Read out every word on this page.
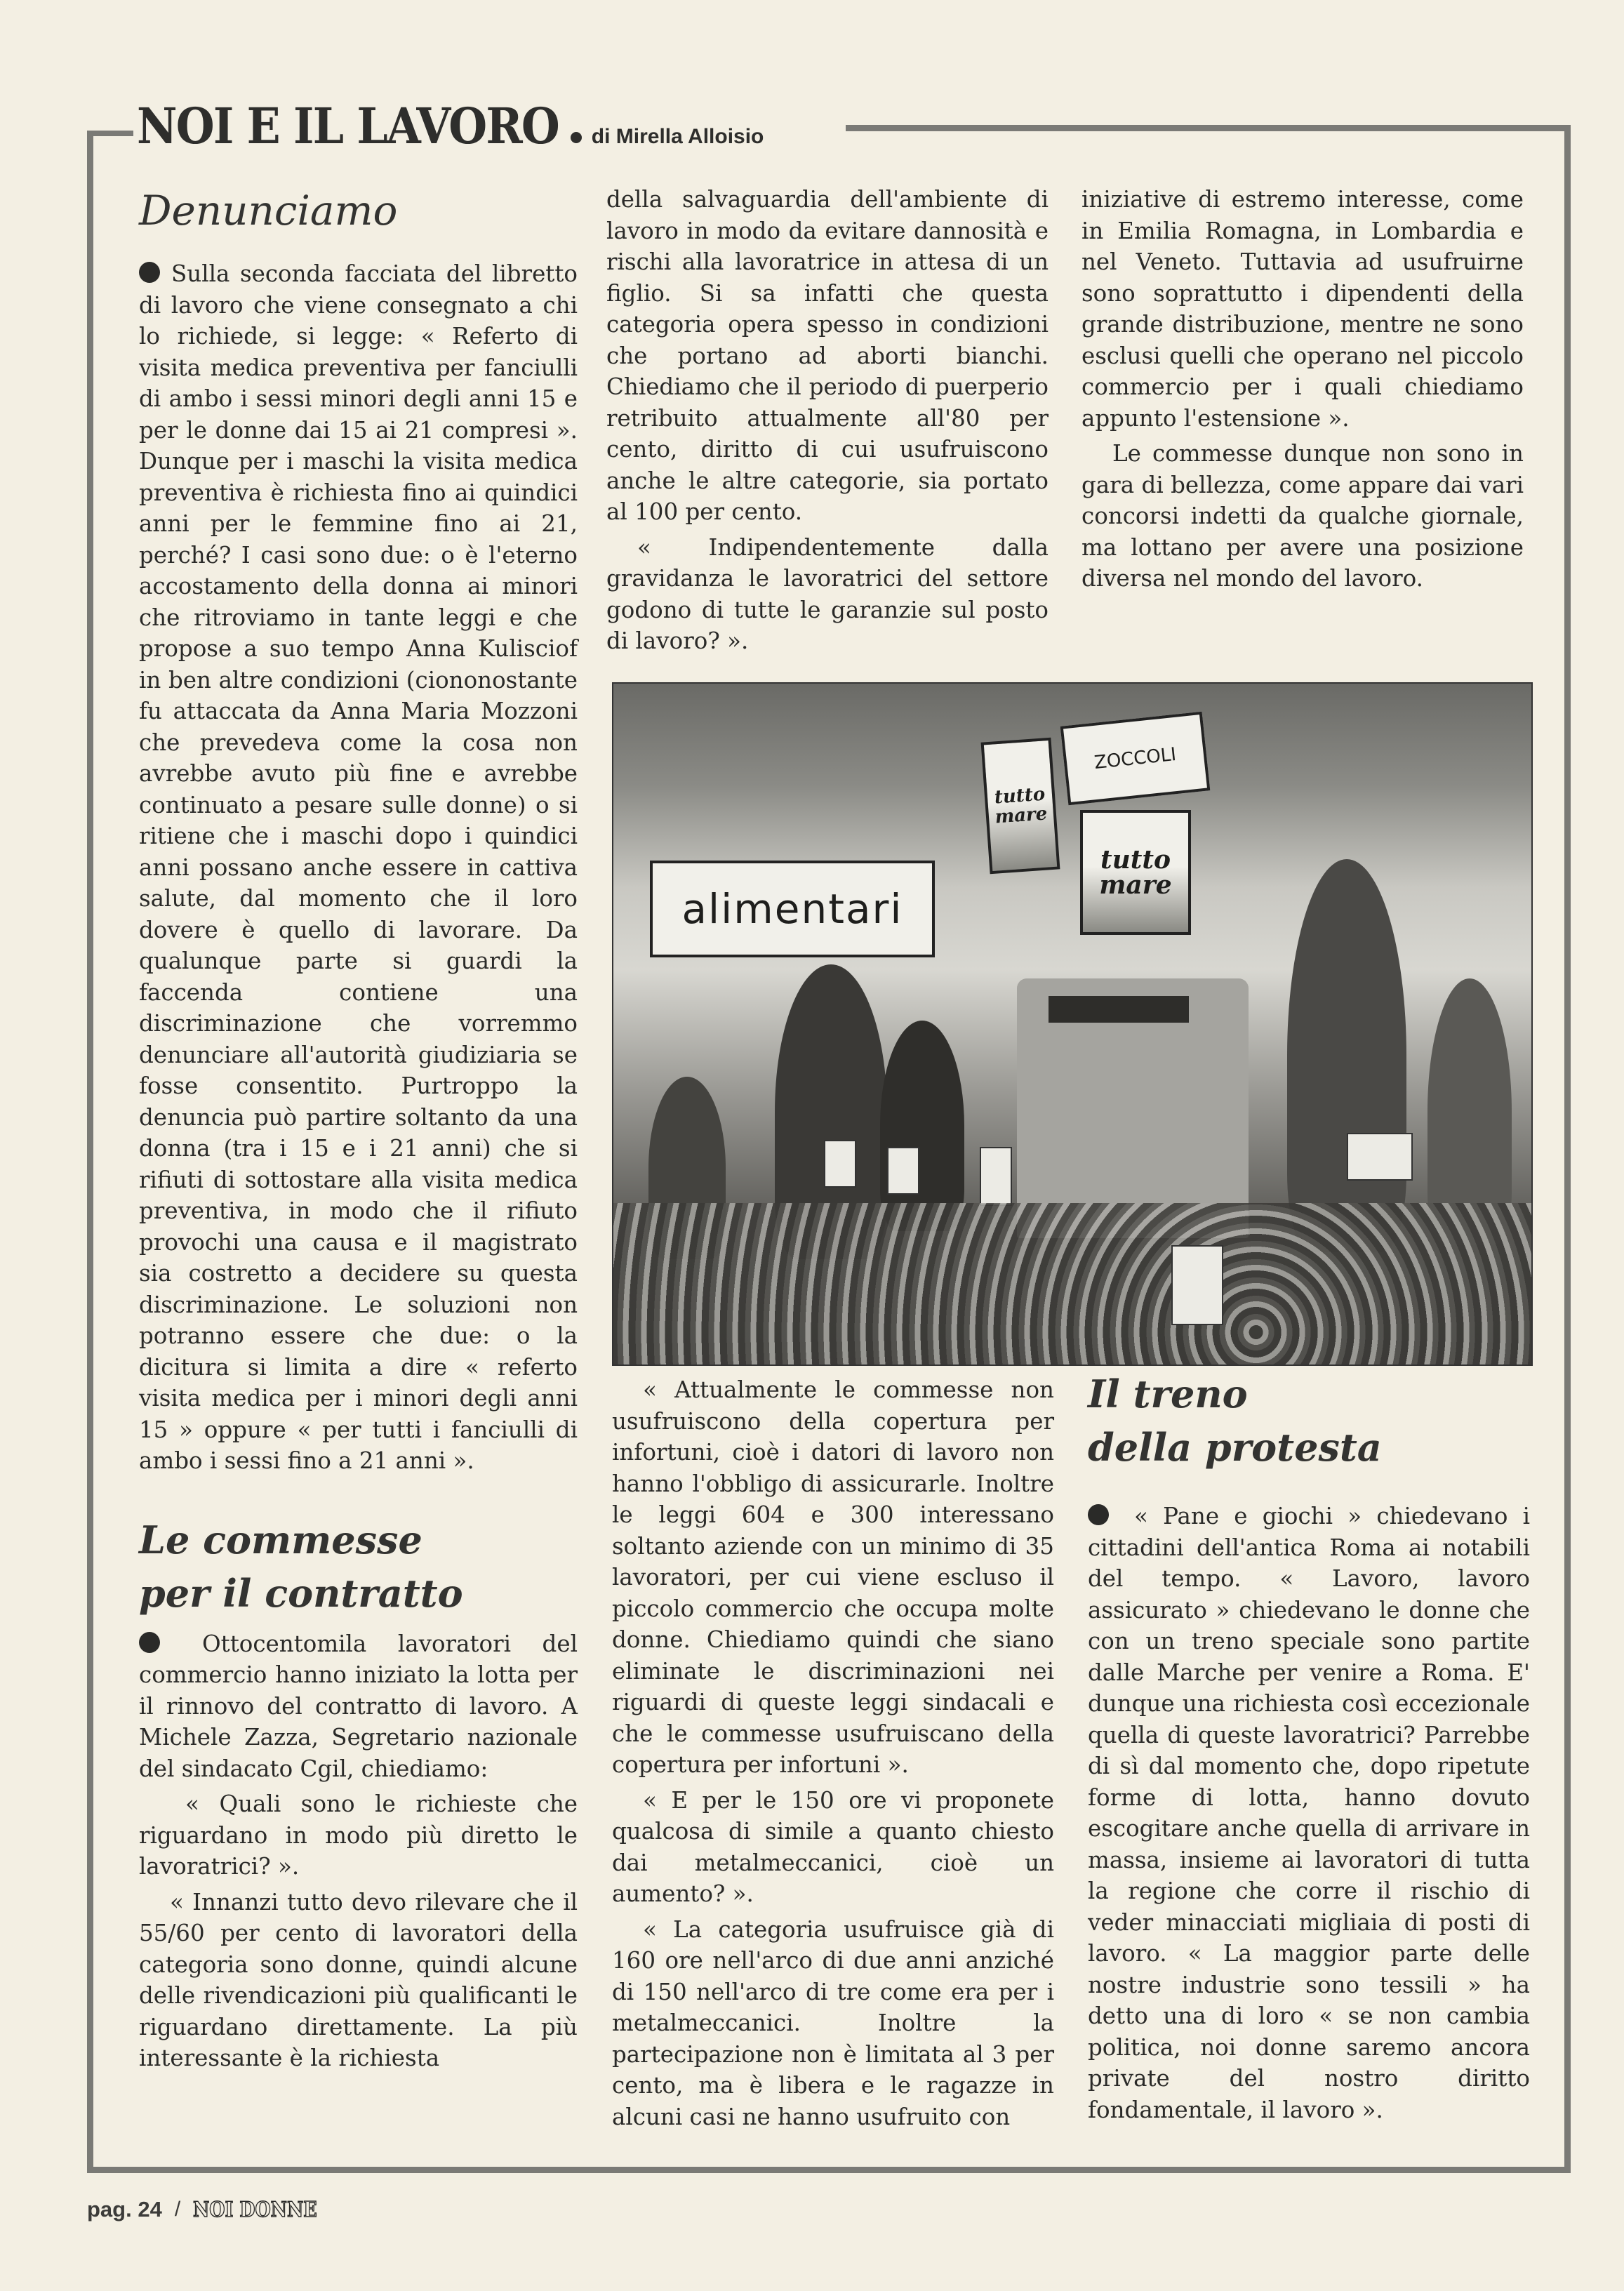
NOI E IL LAVORO di Mirella Alloisio
Denunciamo

Sulla seconda facciata del libretto di lavoro che viene consegnato a chi lo richiede, si legge: « Referto di visita medica preventiva per fanciulli di ambo i sessi minori degli anni 15 e per le donne dai 15 ai 21 compresi ». Dunque per i maschi la visita medica preventiva è richiesta fino ai quindici anni per le femmine fino ai 21, perché? I casi sono due: o è l'eterno accostamento della donna ai minori che ritroviamo in tante leggi e che propose a suo tempo Anna Kulisciof in ben altre condizioni (ciononostante fu attaccata da Anna Maria Mozzoni che prevedeva come la cosa non avrebbe avuto più fine e avrebbe continuato a pesare sulle donne) o si ritiene che i maschi dopo i quindici anni possano anche essere in cattiva salute, dal momento che il loro dovere è quello di lavorare. Da qualunque parte si guardi la faccenda contiene una discriminazione che vorremmo denunciare all'autorità giudiziaria se fosse consentito. Purtroppo la denuncia può partire soltanto da una donna (tra i 15 e i 21 anni) che si rifiuti di sottostare alla visita medica preventiva, in modo che il rifiuto provochi una causa e il magistrato sia costretto a decidere su questa discriminazione. Le soluzioni non potranno essere che due: o la dicitura si limita a dire « referto visita medica per i minori degli anni 15 » oppure « per tutti i fanciulli di ambo i sessi fino a 21 anni ».

Le commesse
per il contratto

Ottocentomila lavoratori del commercio hanno iniziato la lotta per il rinnovo del contratto di lavoro. A Michele Zazza, Segretario nazionale del sindacato Cgil, chiediamo:

« Quali sono le richieste che riguardano in modo più diretto le lavoratrici? ».

« Innanzi tutto devo rilevare che il 55/60 per cento di lavoratori della categoria sono donne, quindi alcune delle rivendicazioni più qualificanti le riguardano direttamente. La più interessante è la richiesta

della salvaguardia dell'ambiente di lavoro in modo da evitare dannosità e rischi alla lavoratrice in attesa di un figlio. Si sa infatti che questa categoria opera spesso in condizioni che portano ad aborti bianchi. Chiediamo che il periodo di puerperio retribuito attualmente all'80 per cento, diritto di cui usufruiscono anche le altre categorie, sia portato al 100 per cento.

« Indipendentemente dalla gravidanza le lavoratrici del settore godono di tutte le garanzie sul posto di lavoro? ».

iniziative di estremo interesse, come in Emilia Romagna, in Lombardia e nel Veneto. Tuttavia ad usufruirne sono soprattutto i dipendenti della grande distribuzione, mentre ne sono esclusi quelli che operano nel piccolo commercio per i quali chiediamo appunto l'estensione ».

Le commesse dunque non sono in gara di bellezza, come appare dai vari concorsi indetti da qualche giornale, ma lottano per avere una posizione diversa nel mondo del lavoro.

alimentari
tutto
mare
ZOCCOLI
tutto
mare

« Attualmente le commesse non usufruiscono della copertura per infortuni, cioè i datori di lavoro non hanno l'obbligo di assicurarle. Inoltre le leggi 604 e 300 interessano soltanto aziende con un minimo di 35 lavoratori, per cui viene escluso il piccolo commercio che occupa molte donne. Chiediamo quindi che siano eliminate le discriminazioni nei riguardi di queste leggi sindacali e che le commesse usufruiscano della copertura per infortuni ».

« E per le 150 ore vi proponete qualcosa di simile a quanto chiesto dai metalmeccanici, cioè un aumento? ».

« La categoria usufruisce già di 160 ore nell'arco di due anni anziché di 150 nell'arco di tre come era per i metalmeccanici. Inoltre la partecipazione non è limitata al 3 per cento, ma è libera e le ragazze in alcuni casi ne hanno usufruito con

Il treno
della protesta

« Pane e giochi » chiedevano i cittadini dell'antica Roma ai notabili del tempo. « Lavoro, lavoro assicurato » chiedevano le donne che con un treno speciale sono partite dalle Marche per venire a Roma. E' dunque una richiesta così eccezionale quella di queste lavoratrici? Parrebbe di sì dal momento che, dopo ripetute forme di lotta, hanno dovuto escogitare anche quella di arrivare in massa, insieme ai lavoratori di tutta la regione che corre il rischio di veder minacciati migliaia di posti di lavoro. « La maggior parte delle nostre industrie sono tessili » ha detto una di loro « se non cambia politica, noi donne saremo ancora private del nostro diritto fondamentale, il lavoro ».

pag. 24 / NOI DONNE
